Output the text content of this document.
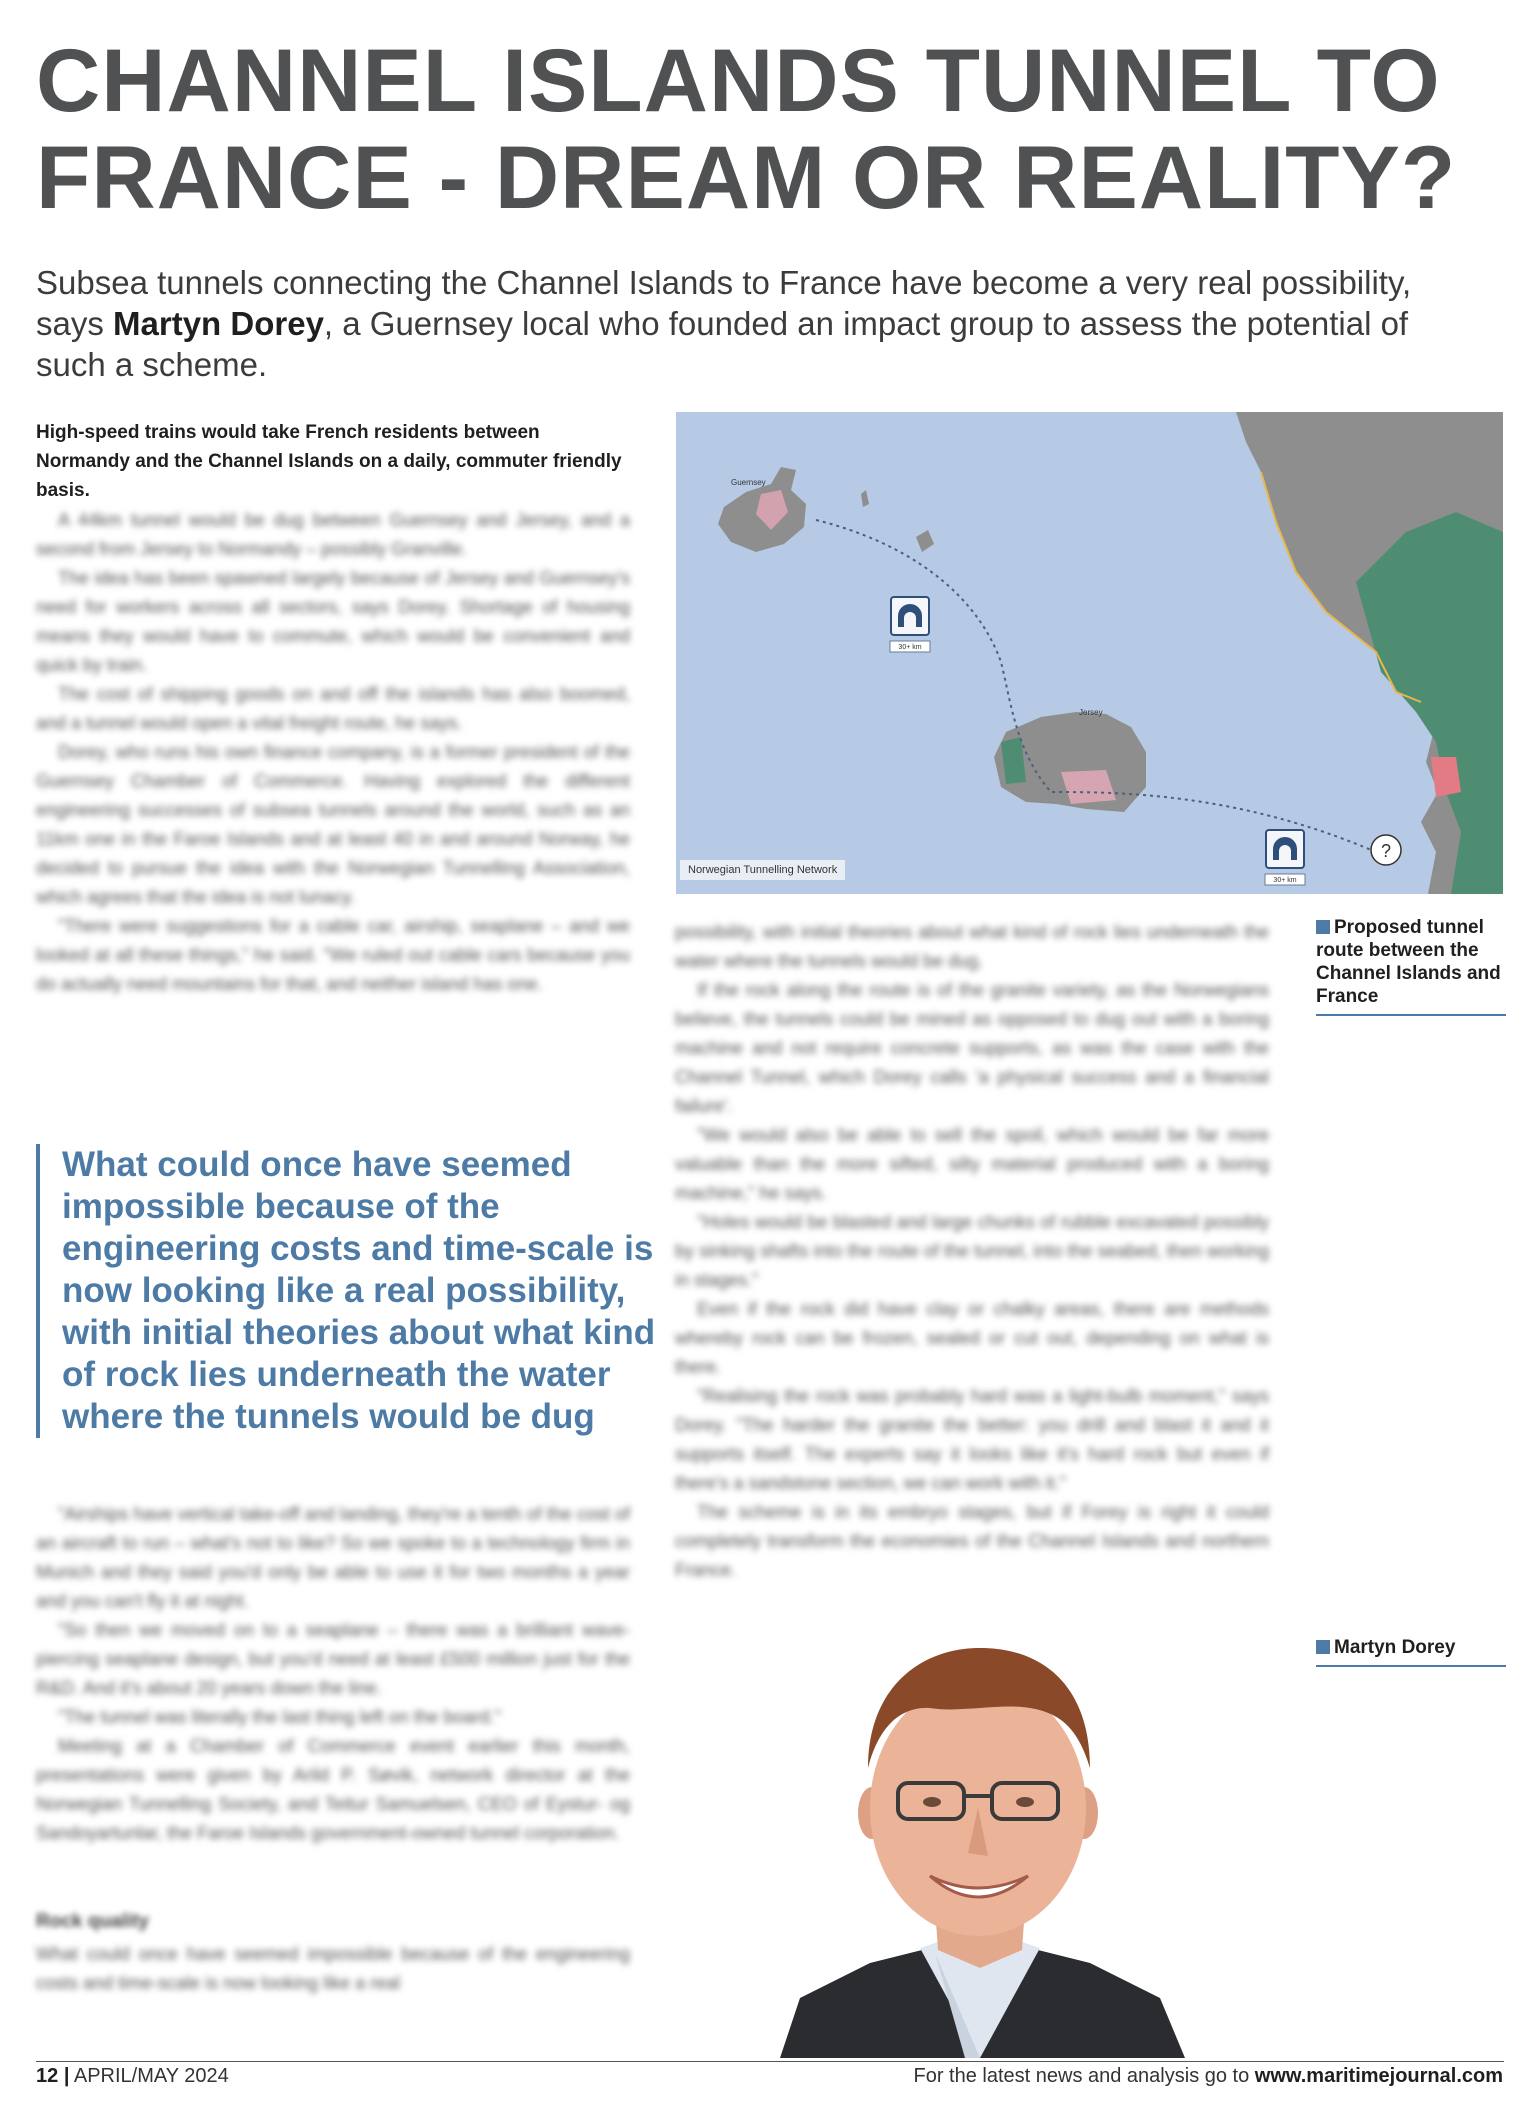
CHANNEL ISLANDS TUNNEL TO FRANCE - DREAM OR REALITY?

Subsea tunnels connecting the Channel Islands to France have become a very real possibility, says Martyn Dorey, a Guernsey local who founded an impact group to assess the potential of such a scheme.

High-speed trains would take French residents between Normandy and the Channel Islands on a daily, commuter friendly basis.

A 44km tunnel would be dug between Guernsey and Jersey, and a second from Jersey to Normandy – possibly Granville.

The idea has been spawned largely because of Jersey and Guernsey's need for workers across all sectors, says Dorey. Shortage of housing means they would have to commute, which would be convenient and quick by train.

The cost of shipping goods on and off the islands has also boomed, and a tunnel would open a vital freight route, he says.

Dorey, who runs his own finance company, is a former president of the Guernsey Chamber of Commerce. Having explored the different engineering successes of subsea tunnels around the world, such as an 11km one in the Faroe Islands and at least 40 in and around Norway, he decided to pursue the idea with the Norwegian Tunnelling Association, which agrees that the idea is not lunacy.

"There were suggestions for a cable car, airship, seaplane – and we looked at all these things," he said. "We ruled out cable cars because you do actually need mountains for that, and neither island has one.

What could once have seemed impossible because of the engineering costs and time-scale is now looking like a real possibility, with initial theories about what kind of rock lies underneath the water where the tunnels would be dug

"Airships have vertical take-off and landing, they're a tenth of the cost of an aircraft to run – what's not to like? So we spoke to a technology firm in Munich and they said you'd only be able to use it for two months a year and you can't fly it at night.

"So then we moved on to a seaplane – there was a brilliant wave-piercing seaplane design, but you'd need at least £500 million just for the R&D. And it's about 20 years down the line.

"The tunnel was literally the last thing left on the board."

Meeting at a Chamber of Commerce event earlier this month, presentations were given by Arild P. Søvik, network director at the Norwegian Tunnelling Society, and Teitur Samuelsen, CEO of Eystur- og Sandoyartunlar, the Faroe Islands government-owned tunnel corporation.

What could once have seemed impossible because of the engineering costs and time-scale is now looking like a real

Rock quality
30+ km
30+ km
?
Guernsey
Jersey
Norwegian Tunnelling Network
Proposed tunnel route between the Channel Islands and France

possibility, with initial theories about what kind of rock lies underneath the water where the tunnels would be dug.

If the rock along the route is of the granite variety, as the Norwegians believe, the tunnels could be mined as opposed to dug out with a boring machine and not require concrete supports, as was the case with the Channel Tunnel, which Dorey calls 'a physical success and a financial failure'.

"We would also be able to sell the spoil, which would be far more valuable than the more sifted, silty material produced with a boring machine," he says.

"Holes would be blasted and large chunks of rubble excavated possibly by sinking shafts into the route of the tunnel, into the seabed, then working in stages."

Even if the rock did have clay or chalky areas, there are methods whereby rock can be frozen, sealed or cut out, depending on what is there.

"Realising the rock was probably hard was a light-bulb moment," says Dorey. "The harder the granite the better: you drill and blast it and it supports itself. The experts say it looks like it's hard rock but even if there's a sandstone section, we can work with it."

The scheme is in its embryo stages, but if Forey is right it could completely transform the economies of the Channel Islands and northern France.

Martyn Dorey
12 | APRIL/MAY 2024	For the latest news and analysis go to www.maritimejournal.com
